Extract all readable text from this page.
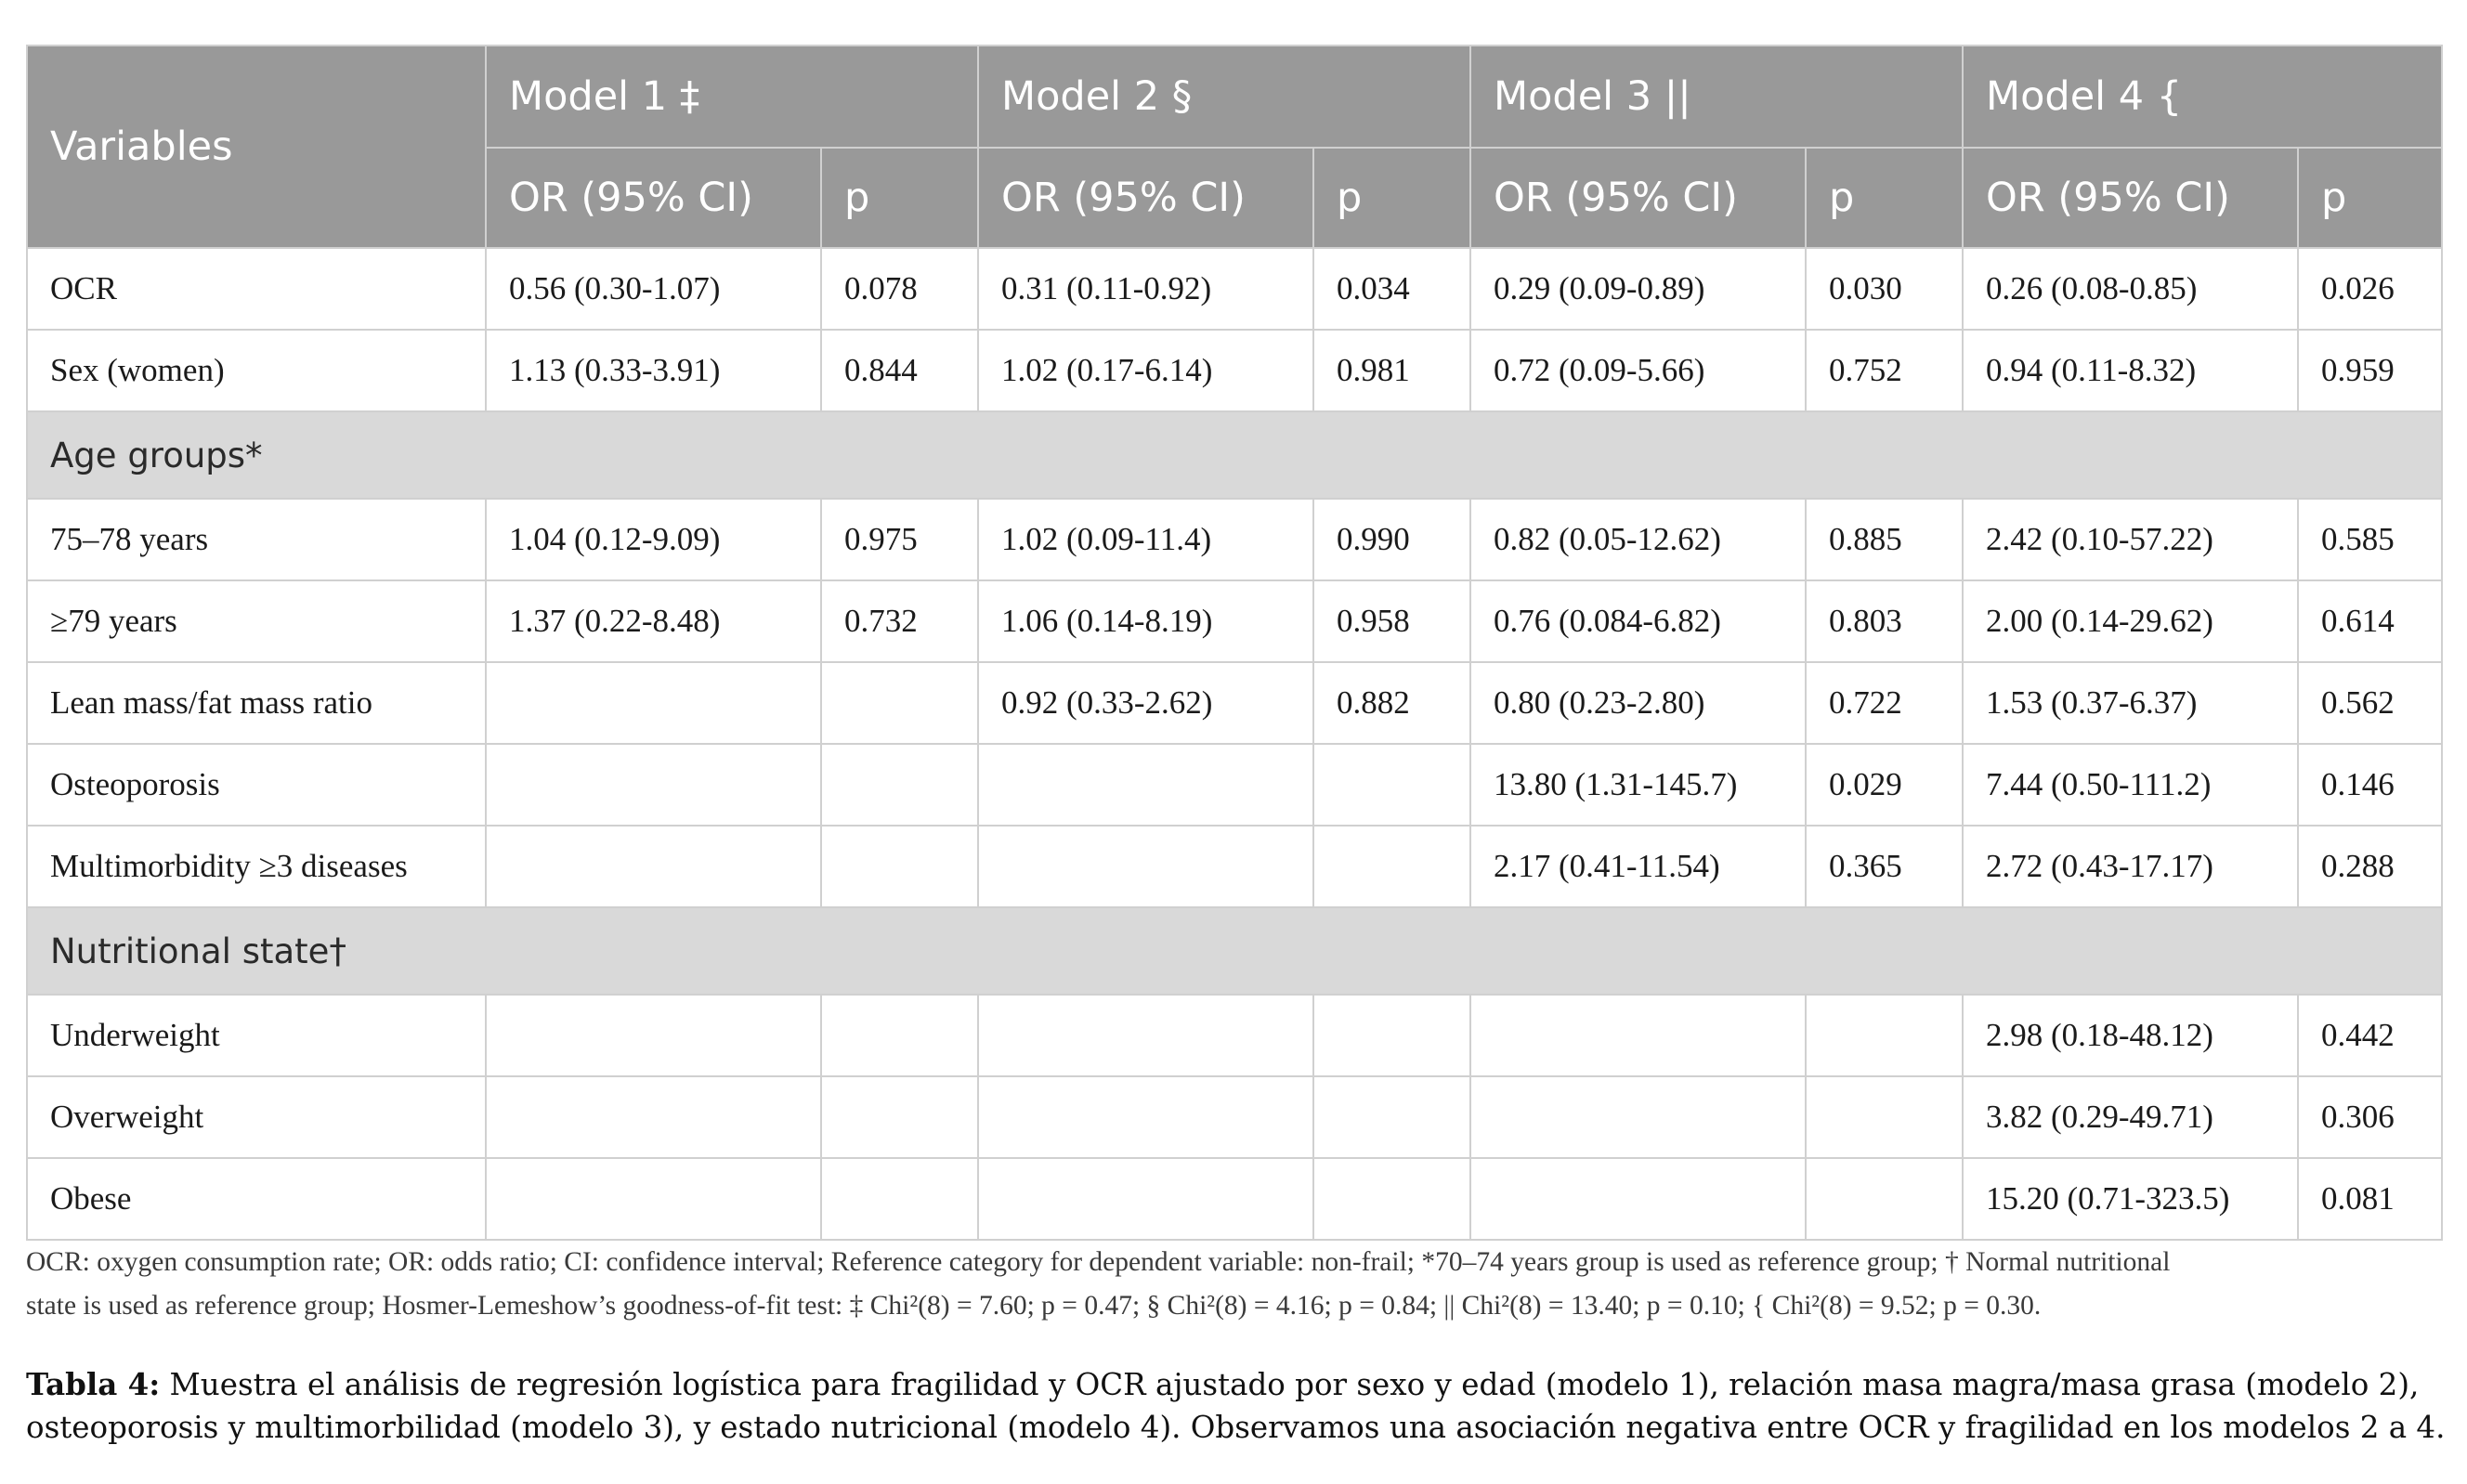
Variables	Model 1 ‡		Model 2 §		Model 3 ||		Model 4 {	
	OR (95% CI)	p	OR (95% CI)	p	OR (95% CI)	p	OR (95% CI)	p
OCR	0.56 (0.30-1.07)	0.078	0.31 (0.11-0.92)	0.034	0.29 (0.09-0.89)	0.030	0.26 (0.08-0.85)	0.026
Sex (women)	1.13 (0.33-3.91)	0.844	1.02 (0.17-6.14)	0.981	0.72 (0.09-5.66)	0.752	0.94 (0.11-8.32)	0.959
Age groups*								
75–78 years	1.04 (0.12-9.09)	0.975	1.02 (0.09-11.4)	0.990	0.82 (0.05-12.62)	0.885	2.42 (0.10-57.22)	0.585
≥79 years	1.37 (0.22-8.48)	0.732	1.06 (0.14-8.19)	0.958	0.76 (0.084-6.82)	0.803	2.00 (0.14-29.62)	0.614
Lean mass/fat mass ratio			0.92 (0.33-2.62)	0.882	0.80 (0.23-2.80)	0.722	1.53 (0.37-6.37)	0.562
Osteoporosis					13.80 (1.31-145.7)	0.029	7.44 (0.50-111.2)	0.146
Multimorbidity ≥3 diseases					2.17 (0.41-11.54)	0.365	2.72 (0.43-17.17)	0.288
Nutritional state†								
Underweight							2.98 (0.18-48.12)	0.442
Overweight							3.82 (0.29-49.71)	0.306
Obese							15.20 (0.71-323.5)	0.081

OCR: oxygen consumption rate; OR: odds ratio; CI: confidence interval; Reference category for dependent variable: non-frail; *70–74 years group is used as reference group; † Normal nutritional

state is used as reference group; Hosmer-Lemeshow’s goodness-of-fit test: ‡ Chi²(8) = 7.60; p = 0.47; § Chi²(8) = 4.16; p = 0.84; || Chi²(8) = 13.40; p = 0.10; { Chi²(8) = 9.52; p = 0.30.

Tabla 4: Muestra el análisis de regresión logística para fragilidad y OCR ajustado por sexo y edad (modelo 1), relación masa magra/masa grasa (modelo 2),

osteoporosis y multimorbilidad (modelo 3), y estado nutricional (modelo 4). Observamos una asociación negativa entre OCR y fragilidad en los modelos 2 a 4.
